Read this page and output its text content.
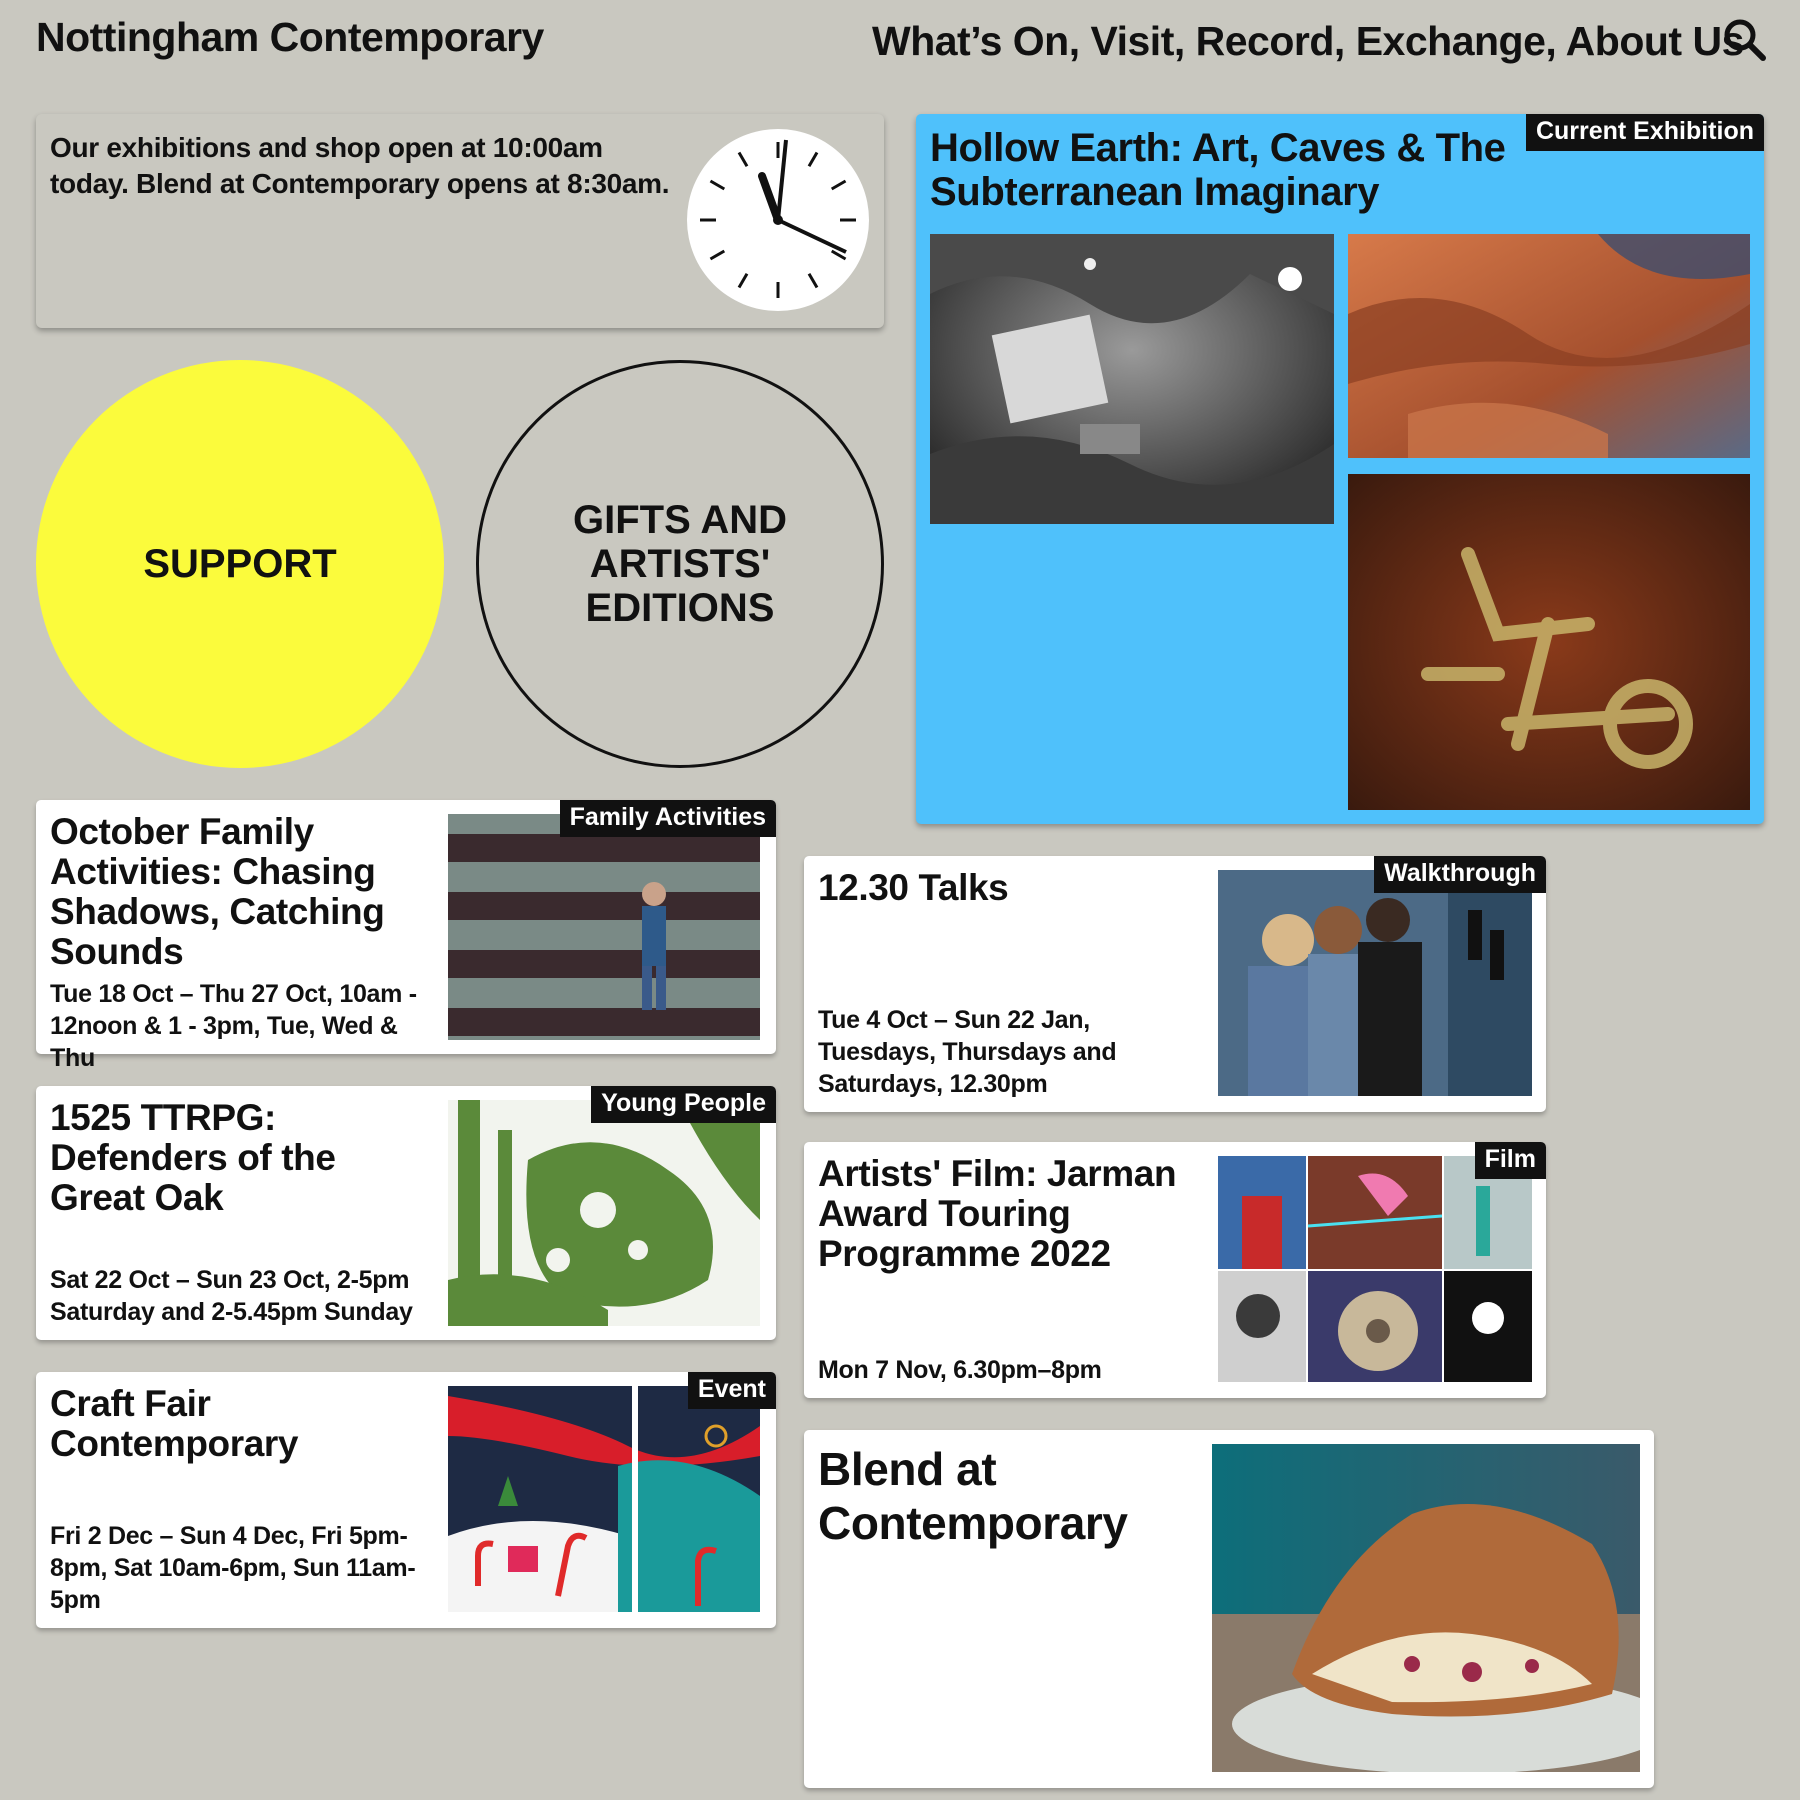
Nottingham Contemporary	What’s On, Visit, Record, Exchange, About Us
Our exhibitions and shop open at 10:00am today. Blend at Contemporary opens at 8:30am.
SUPPORT
GIFTS AND ARTISTS' EDITIONS
Current Exhibition
Hollow Earth: Art, Caves & The Subterranean Imaginary
October Family Activities: Chasing Shadows, Catching Sounds
Tue 18 Oct – Thu 27 Oct, 10am - 12noon & 1 - 3pm, Tue, Wed & Thu
Family Activities
12.30 Talks
Tue 4 Oct – Sun 22 Jan, Tuesdays, Thursdays and Saturdays, 12.30pm
Walkthrough
1525 TTRPG: Defenders of the Great Oak
Sat 22 Oct – Sun 23 Oct, 2-5pm Saturday and 2-5.45pm Sunday
Young People
Artists' Film: Jarman Award Touring Programme 2022
Mon 7 Nov, 6.30pm–8pm
Film
Craft Fair Contemporary
Fri 2 Dec – Sun 4 Dec, Fri 5pm-8pm, Sat 10am-6pm, Sun 11am-5pm
Event
Blend at Contemporary
